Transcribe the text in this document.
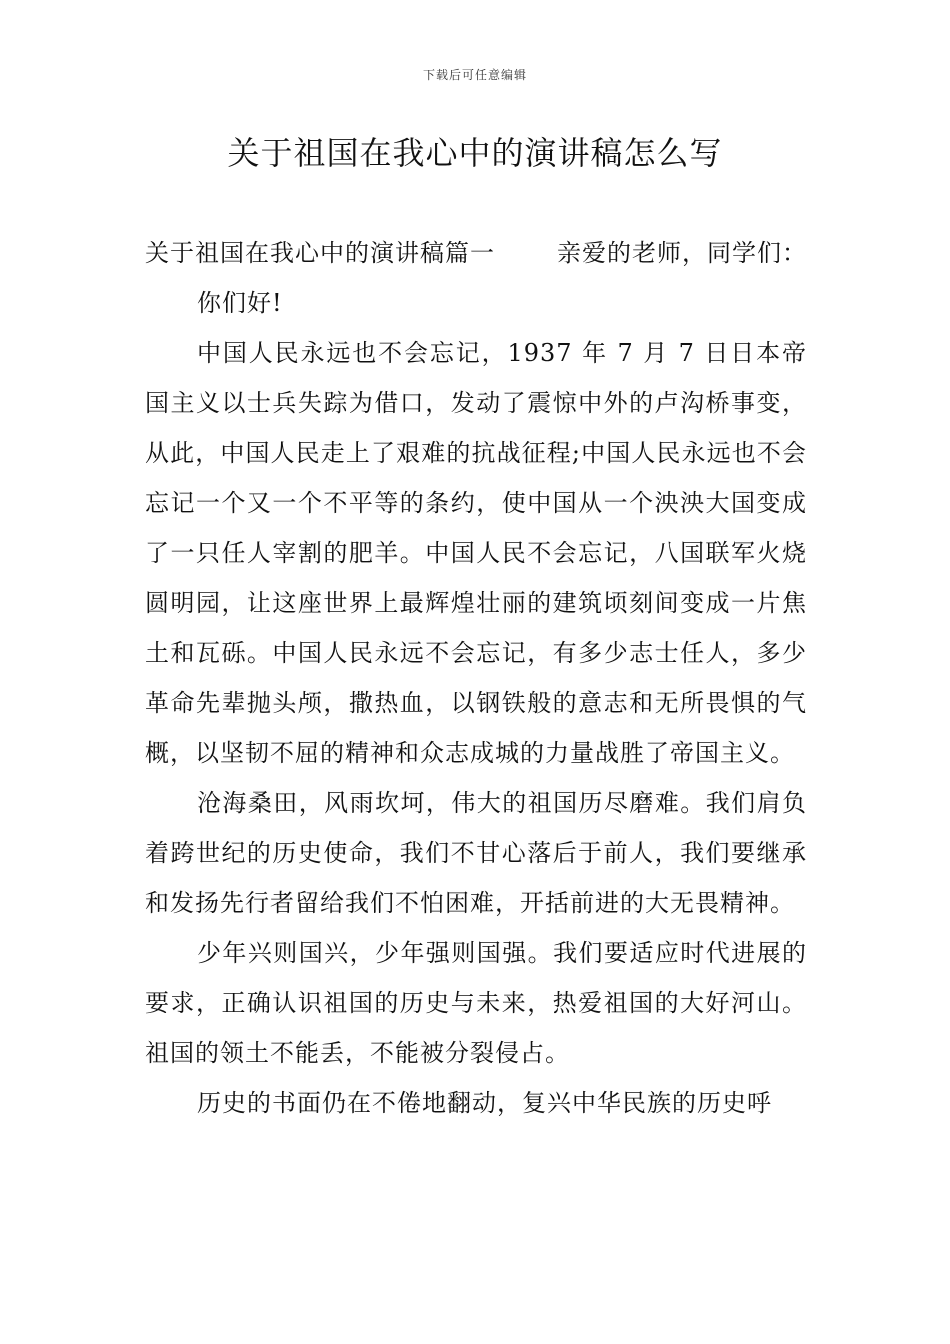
下载后可任意编辑
关于祖国在我心中的演讲稿怎么写

关于祖国在我心中的演讲稿篇一	亲爱的老师，同学们：

你们好!

中国人民永远也不会忘记，1937 年 7 月 7 日日本帝国主义以士兵失踪为借口，发动了震惊中外的卢沟桥事变，从此，中国人民走上了艰难的抗战征程;中国人民永远也不会忘记一个又一个不平等的条约，使中国从一个泱泱大国变成了一只任人宰割的肥羊。中国人民不会忘记，八国联军火烧圆明园，让这座世界上最辉煌壮丽的建筑顷刻间变成一片焦土和瓦砾。中国人民永远不会忘记，有多少志士任人，多少革命先辈抛头颅，撒热血，以钢铁般的意志和无所畏惧的气概，以坚韧不屈的精神和众志成城的力量战胜了帝国主义。

沧海桑田，风雨坎坷，伟大的祖国历尽磨难。我们肩负着跨世纪的历史使命，我们不甘心落后于前人，我们要继承和发扬先行者留给我们不怕困难，开括前进的大无畏精神。

少年兴则国兴，少年强则国强。我们要适应时代进展的要求，正确认识祖国的历史与未来，热爱祖国的大好河山。祖国的领土不能丢，不能被分裂侵占。

历史的书面仍在不倦地翻动，复兴中华民族的历史呼
